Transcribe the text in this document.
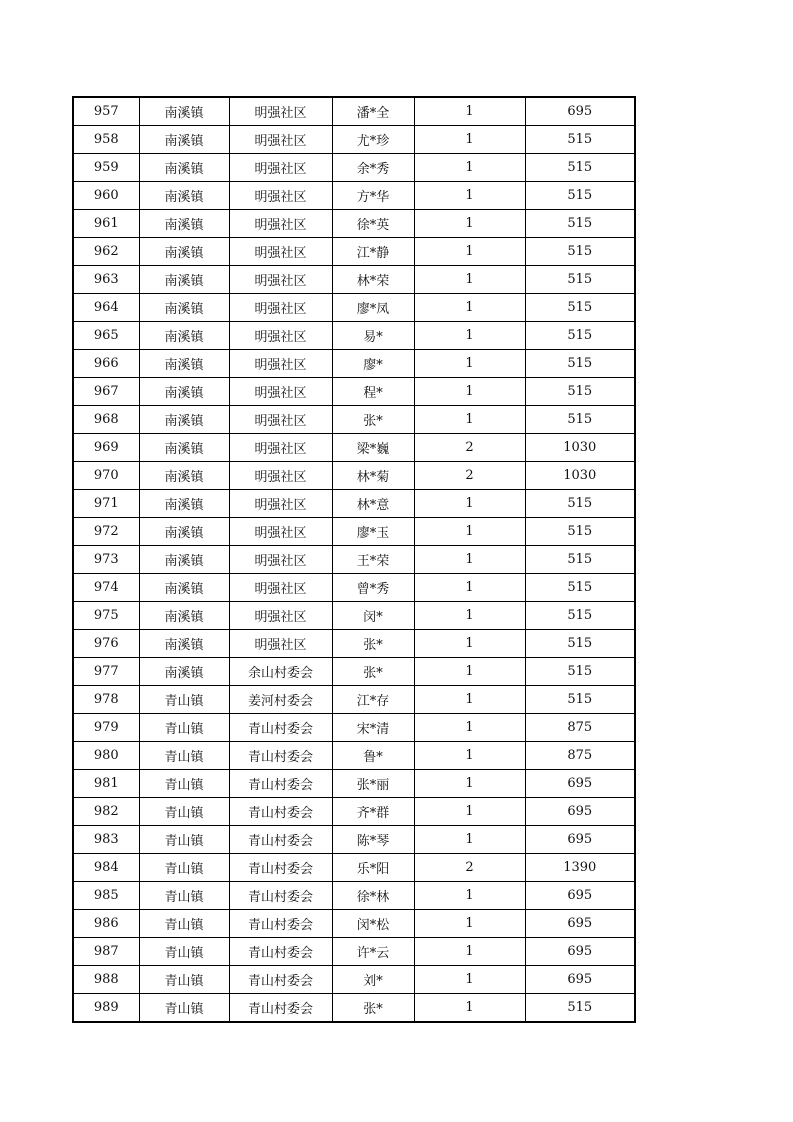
957	南溪镇	明强社区	潘*全	1	695
958	南溪镇	明强社区	尤*珍	1	515
959	南溪镇	明强社区	余*秀	1	515
960	南溪镇	明强社区	方*华	1	515
961	南溪镇	明强社区	徐*英	1	515
962	南溪镇	明强社区	江*静	1	515
963	南溪镇	明强社区	林*荣	1	515
964	南溪镇	明强社区	廖*凤	1	515
965	南溪镇	明强社区	易*	1	515
966	南溪镇	明强社区	廖*	1	515
967	南溪镇	明强社区	程*	1	515
968	南溪镇	明强社区	张*	1	515
969	南溪镇	明强社区	梁*巍	2	1030
970	南溪镇	明强社区	林*菊	2	1030
971	南溪镇	明强社区	林*意	1	515
972	南溪镇	明强社区	廖*玉	1	515
973	南溪镇	明强社区	王*荣	1	515
974	南溪镇	明强社区	曾*秀	1	515
975	南溪镇	明强社区	闵*	1	515
976	南溪镇	明强社区	张*	1	515
977	南溪镇	余山村委会	张*	1	515
978	青山镇	姜河村委会	江*存	1	515
979	青山镇	青山村委会	宋*清	1	875
980	青山镇	青山村委会	鲁*	1	875
981	青山镇	青山村委会	张*丽	1	695
982	青山镇	青山村委会	齐*群	1	695
983	青山镇	青山村委会	陈*琴	1	695
984	青山镇	青山村委会	乐*阳	2	1390
985	青山镇	青山村委会	徐*林	1	695
986	青山镇	青山村委会	闵*松	1	695
987	青山镇	青山村委会	许*云	1	695
988	青山镇	青山村委会	刘*	1	695
989	青山镇	青山村委会	张*	1	515
